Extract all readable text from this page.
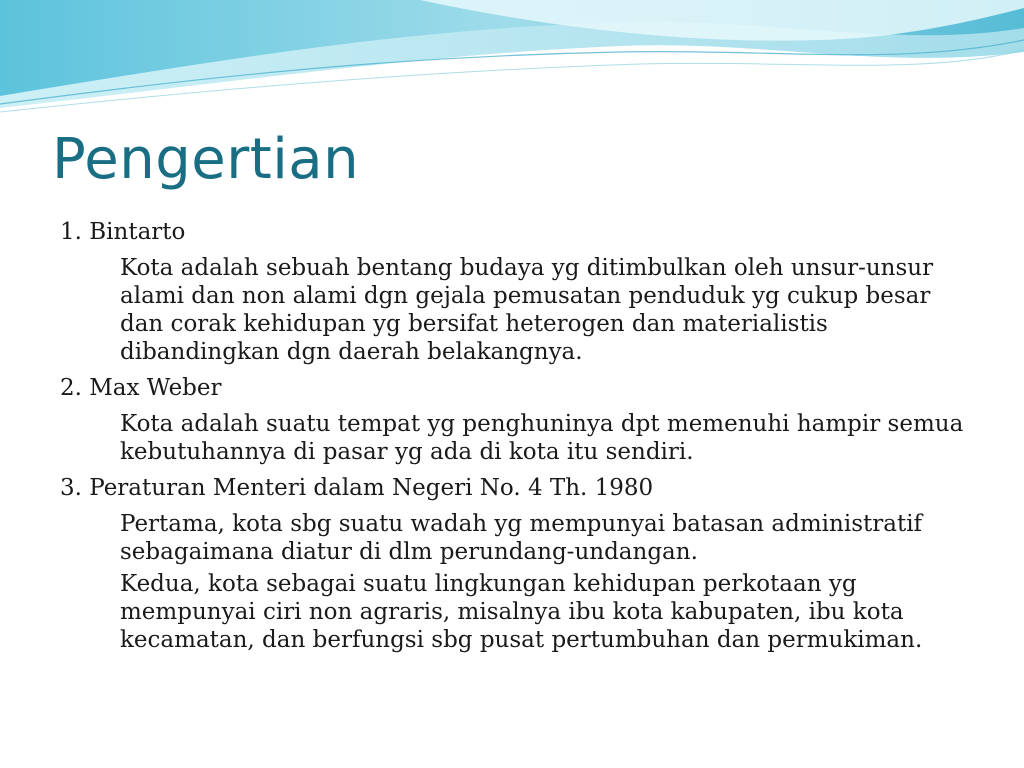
Pengertian

1. Bintarto

Kota adalah sebuah bentang budaya yg ditimbulkan oleh unsur-unsur alami dan non alami dgn gejala pemusatan penduduk yg cukup besar dan corak kehidupan yg bersifat heterogen dan materialistis dibandingkan dgn daerah belakangnya.

2. Max Weber

Kota adalah suatu tempat yg penghuninya dpt memenuhi hampir semua kebutuhannya di pasar yg ada di kota itu sendiri.

3. Peraturan Menteri dalam Negeri No. 4 Th. 1980

Pertama, kota sbg suatu wadah yg mempunyai batasan administratif sebagaimana diatur di dlm perundang-undangan.

Kedua, kota sebagai suatu lingkungan kehidupan perkotaan yg mempunyai ciri non agraris, misalnya ibu kota kabupaten, ibu kota kecamatan, dan berfungsi sbg pusat pertumbuhan dan permukiman.
